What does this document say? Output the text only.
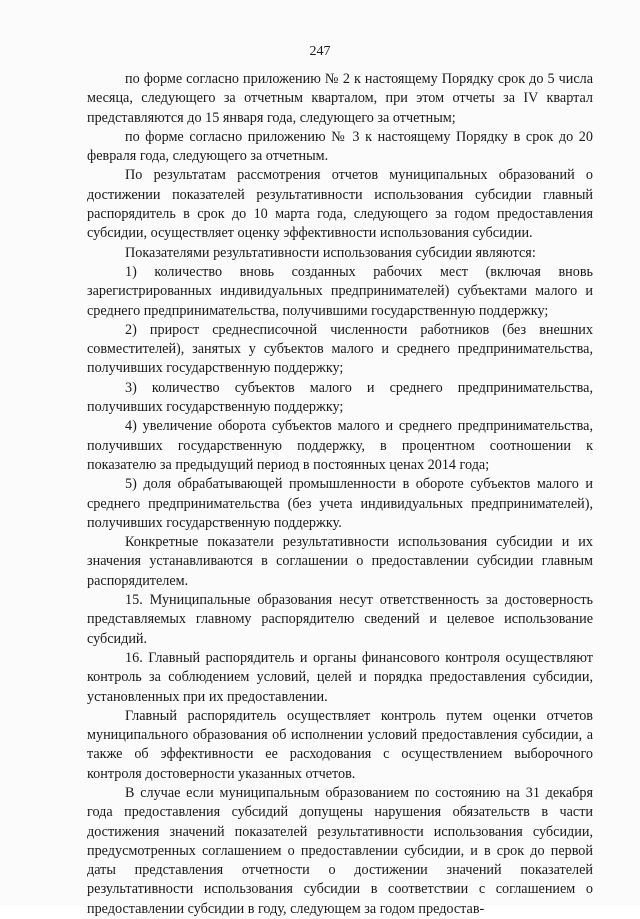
247

по форме согласно приложению № 2 к настоящему Порядку срок до 5 числа месяца, следующего за отчетным кварталом, при этом отчеты за IV квартал представляются до 15 января года, следующего за отчетным;

по форме согласно приложению № 3 к настоящему Порядку в срок до 20 февраля года, следующего за отчетным.

По результатам рассмотрения отчетов муниципальных образований о достижении показателей результативности использования субсидии главный распорядитель в срок до 10 марта года, следующего за годом предоставления субсидии, осуществляет оценку эффективности использования субсидии.

Показателями результативности использования субсидии являются:

1) количество вновь созданных рабочих мест (включая вновь зарегистрированных индивидуальных предпринимателей) субъектами малого и среднего предпринимательства, получившими государственную поддержку;

2) прирост среднесписочной численности работников (без внешних совместителей), занятых у субъектов малого и среднего предпринимательства, получивших государственную поддержку;

3) количество субъектов малого и среднего предпринимательства, получивших государственную поддержку;

4) увеличение оборота субъектов малого и среднего предпринимательства, получивших государственную поддержку, в процентном соотношении к показателю за предыдущий период в постоянных ценах 2014 года;

5) доля обрабатывающей промышленности в обороте субъектов малого и среднего предпринимательства (без учета индивидуальных предпринимателей), получивших государственную поддержку.

Конкретные показатели результативности использования субсидии и их значения устанавливаются в соглашении о предоставлении субсидии главным распорядителем.

15. Муниципальные образования несут ответственность за достоверность представляемых главному распорядителю сведений и целевое использование субсидий.

16. Главный распорядитель и органы финансового контроля осуществляют контроль за соблюдением условий, целей и порядка предоставления субсидии, установленных при их предоставлении.

Главный распорядитель осуществляет контроль путем оценки отчетов муниципального образования об исполнении условий предоставления субсидии, а также об эффективности ее расходования с осуществлением выборочного контроля достоверности указанных отчетов.

В случае если муниципальным образованием по состоянию на 31 декабря года предоставления субсидий допущены нарушения обязательств в части достижения значений показателей результативности использования субсидии, предусмотренных соглашением о предоставлении субсидии, и в срок до первой даты представления отчетности о достижении значений показателей результативности использования субсидии в соответствии с соглашением о предоставлении субсидии в году, следующем за годом предостав-
